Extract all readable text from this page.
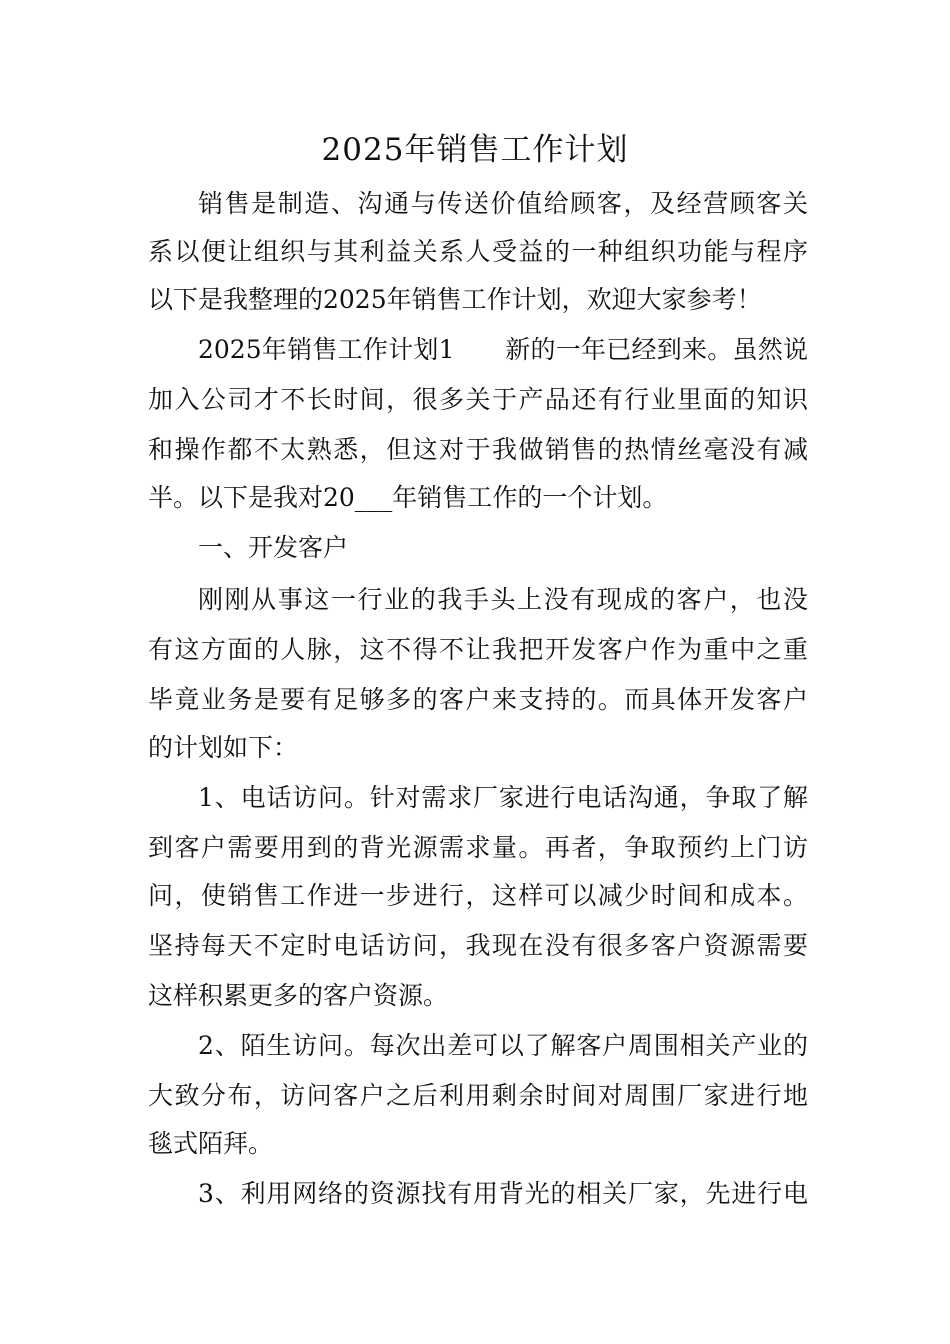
2025年销售工作计划
销售是制造、沟通与传送价值给顾客，及经营顾客关
系以便让组织与其利益关系人受益的一种组织功能与程序
以下是我整理的2025年销售工作计划，欢迎大家参考！
2025年销售工作计划1　　新的一年已经到来。虽然说
加入公司才不长时间，很多关于产品还有行业里面的知识
和操作都不太熟悉，但这对于我做销售的热情丝毫没有减
半。以下是我对20___年销售工作的一个计划。
一、开发客户
刚刚从事这一行业的我手头上没有现成的客户，也没
有这方面的人脉，这不得不让我把开发客户作为重中之重
毕竟业务是要有足够多的客户来支持的。而具体开发客户
的计划如下：
1、电话访问。针对需求厂家进行电话沟通，争取了解
到客户需要用到的背光源需求量。再者，争取预约上门访
问，使销售工作进一步进行，这样可以减少时间和成本。
坚持每天不定时电话访问，我现在没有很多客户资源需要
这样积累更多的客户资源。
2、陌生访问。每次出差可以了解客户周围相关产业的
大致分布，访问客户之后利用剩余时间对周围厂家进行地
毯式陌拜。
3、利用网络的资源找有用背光的相关厂家，先进行电
